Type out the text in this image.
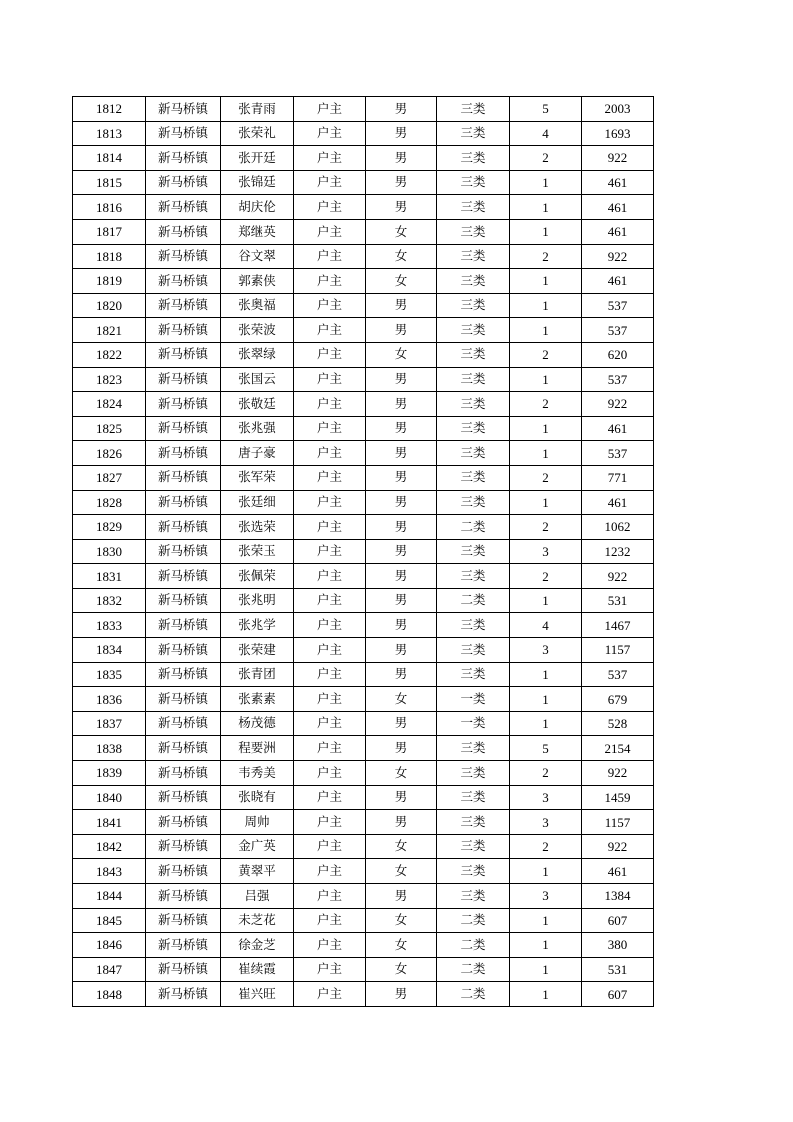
1812	新马桥镇	张青雨	户主	男	三类	5	2003
1813	新马桥镇	张荣礼	户主	男	三类	4	1693
1814	新马桥镇	张开廷	户主	男	三类	2	922
1815	新马桥镇	张锦廷	户主	男	三类	1	461
1816	新马桥镇	胡庆伦	户主	男	三类	1	461
1817	新马桥镇	郑继英	户主	女	三类	1	461
1818	新马桥镇	谷文翠	户主	女	三类	2	922
1819	新马桥镇	郭素侠	户主	女	三类	1	461
1820	新马桥镇	张奥福	户主	男	三类	1	537
1821	新马桥镇	张荣波	户主	男	三类	1	537
1822	新马桥镇	张翠绿	户主	女	三类	2	620
1823	新马桥镇	张国云	户主	男	三类	1	537
1824	新马桥镇	张敬廷	户主	男	三类	2	922
1825	新马桥镇	张兆强	户主	男	三类	1	461
1826	新马桥镇	唐子豪	户主	男	三类	1	537
1827	新马桥镇	张军荣	户主	男	三类	2	771
1828	新马桥镇	张廷细	户主	男	三类	1	461
1829	新马桥镇	张选荣	户主	男	二类	2	1062
1830	新马桥镇	张荣玉	户主	男	三类	3	1232
1831	新马桥镇	张佩荣	户主	男	三类	2	922
1832	新马桥镇	张兆明	户主	男	二类	1	531
1833	新马桥镇	张兆学	户主	男	三类	4	1467
1834	新马桥镇	张荣建	户主	男	三类	3	1157
1835	新马桥镇	张青团	户主	男	三类	1	537
1836	新马桥镇	张素素	户主	女	一类	1	679
1837	新马桥镇	杨茂德	户主	男	一类	1	528
1838	新马桥镇	程要洲	户主	男	三类	5	2154
1839	新马桥镇	韦秀美	户主	女	三类	2	922
1840	新马桥镇	张晓有	户主	男	三类	3	1459
1841	新马桥镇	周帅	户主	男	三类	3	1157
1842	新马桥镇	金广英	户主	女	三类	2	922
1843	新马桥镇	黄翠平	户主	女	三类	1	461
1844	新马桥镇	吕强	户主	男	三类	3	1384
1845	新马桥镇	未芝花	户主	女	二类	1	607
1846	新马桥镇	徐金芝	户主	女	二类	1	380
1847	新马桥镇	崔续霞	户主	女	二类	1	531
1848	新马桥镇	崔兴旺	户主	男	二类	1	607
